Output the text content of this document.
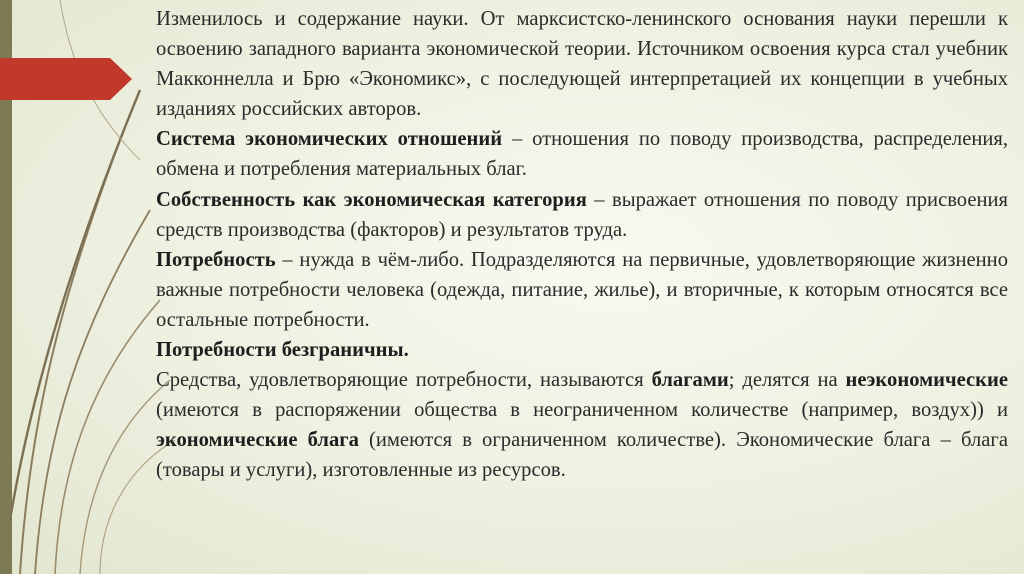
Изменилось и содержание науки. От марксистско-ленинского основания науки перешли к освоению западного варианта экономической теории. Источником освоения курса стал учебник Макконнелла и Брю «Экономикс», с последующей интерпретацией их концепции в учебных изданиях российских авторов.

Система экономических отношений – отношения по поводу производства, распределения, обмена и потребления материальных благ.

Собственность как экономическая категория – выражает отношения по поводу присвоения средств производства (факторов) и результатов труда.

Потребность – нужда в чём-либо. Подразделяются на первичные, удовлетворяющие жизненно важные потребности человека (одежда, питание, жилье), и вторичные, к которым относятся все остальные потребности.

Потребности безграничны.

Средства, удовлетворяющие потребности, называются благами; делятся на неэкономические (имеются в распоряжении общества в неограниченном количестве (например, воздух)) и экономические блага (имеются в ограниченном количестве). Экономические блага – блага (товары и услуги), изготовленные из ресурсов.
